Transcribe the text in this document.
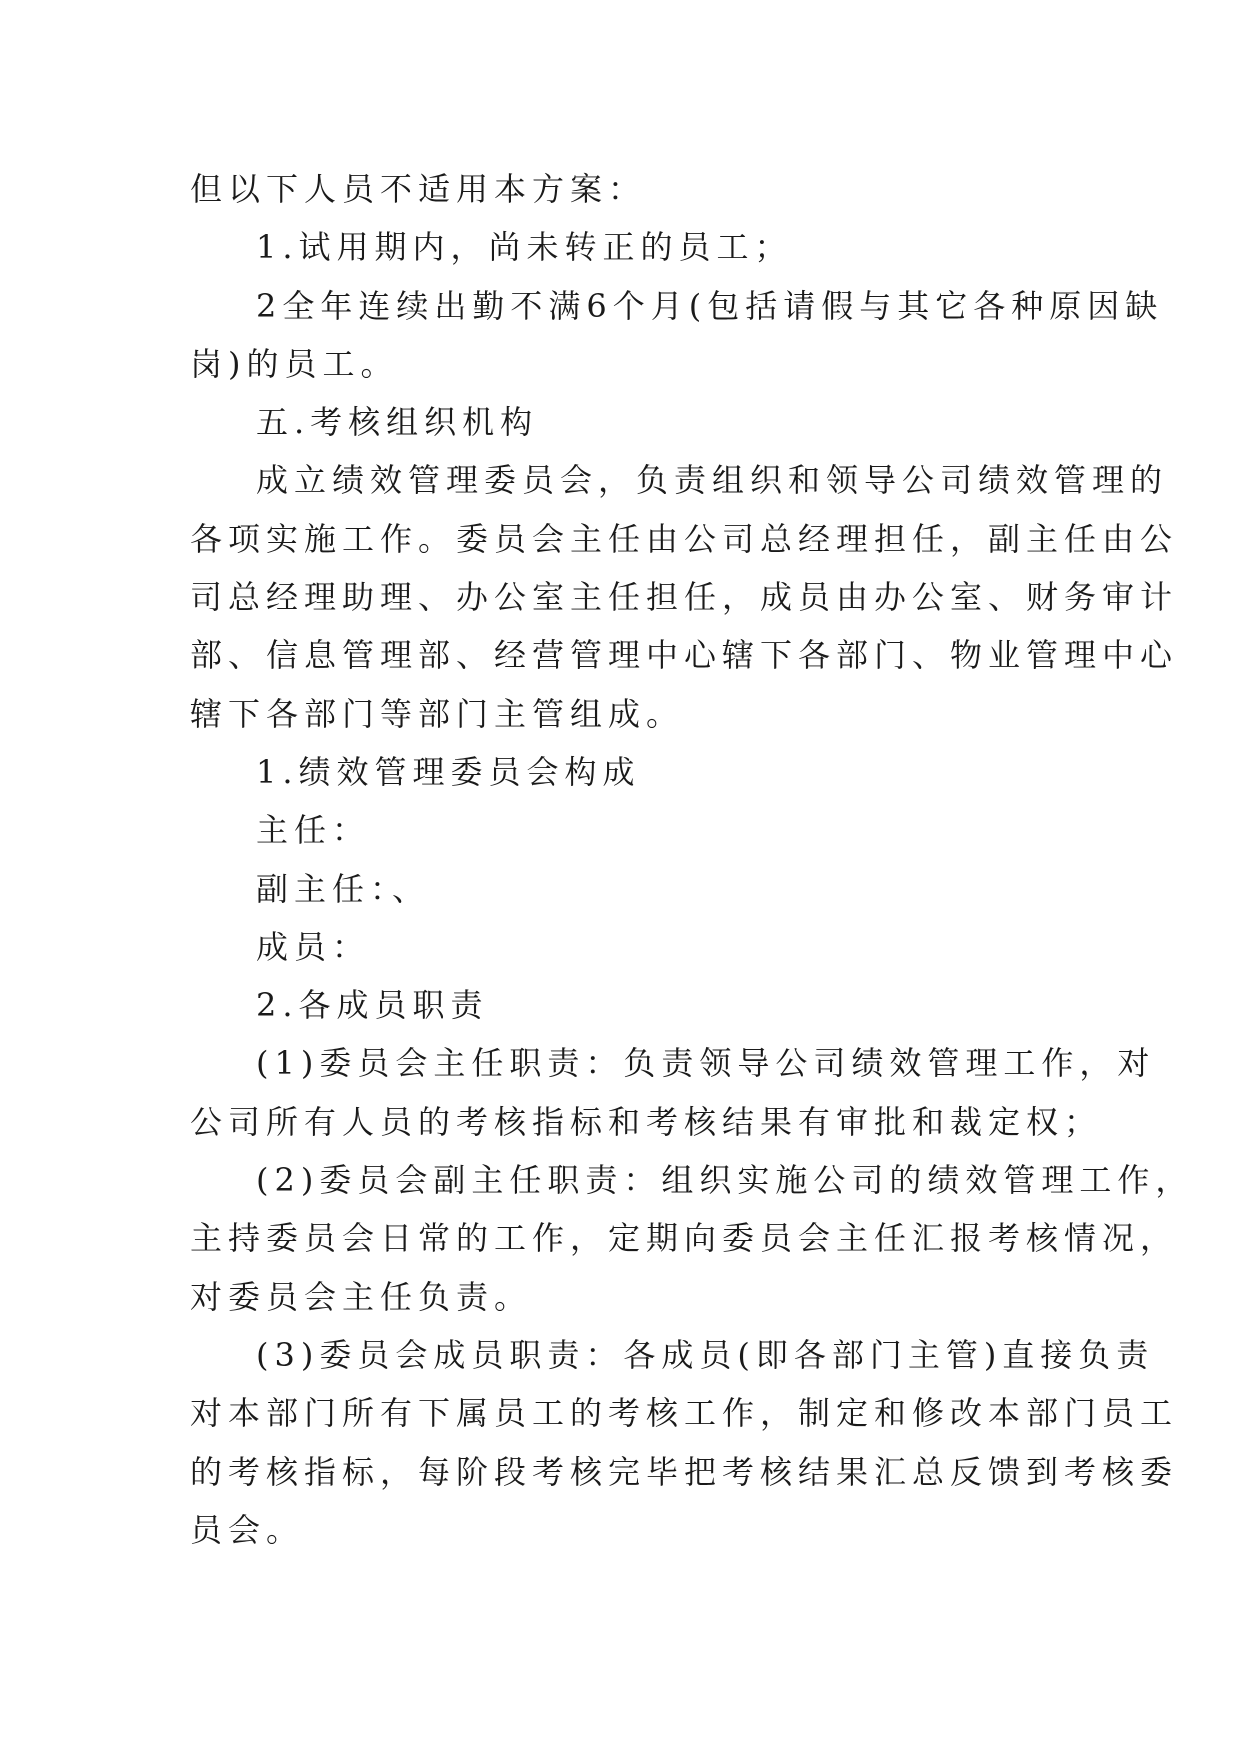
但以下人员不适用本方案：
1.试用期内，尚未转正的员工；
2全年连续出勤不满6个月(包括请假与其它各种原因缺
岗)的员工。
五.考核组织机构
成立绩效管理委员会，负责组织和领导公司绩效管理的
各项实施工作。委员会主任由公司总经理担任，副主任由公
司总经理助理、办公室主任担任，成员由办公室、财务审计
部、信息管理部、经营管理中心辖下各部门、物业管理中心
辖下各部门等部门主管组成。
1.绩效管理委员会构成
主任：
副主任：、
成员：
2.各成员职责
(1)委员会主任职责：负责领导公司绩效管理工作，对
公司所有人员的考核指标和考核结果有审批和裁定权；
(2)委员会副主任职责：组织实施公司的绩效管理工作，
主持委员会日常的工作，定期向委员会主任汇报考核情况，
对委员会主任负责。
(3)委员会成员职责：各成员(即各部门主管)直接负责
对本部门所有下属员工的考核工作，制定和修改本部门员工
的考核指标，每阶段考核完毕把考核结果汇总反馈到考核委
员会。
